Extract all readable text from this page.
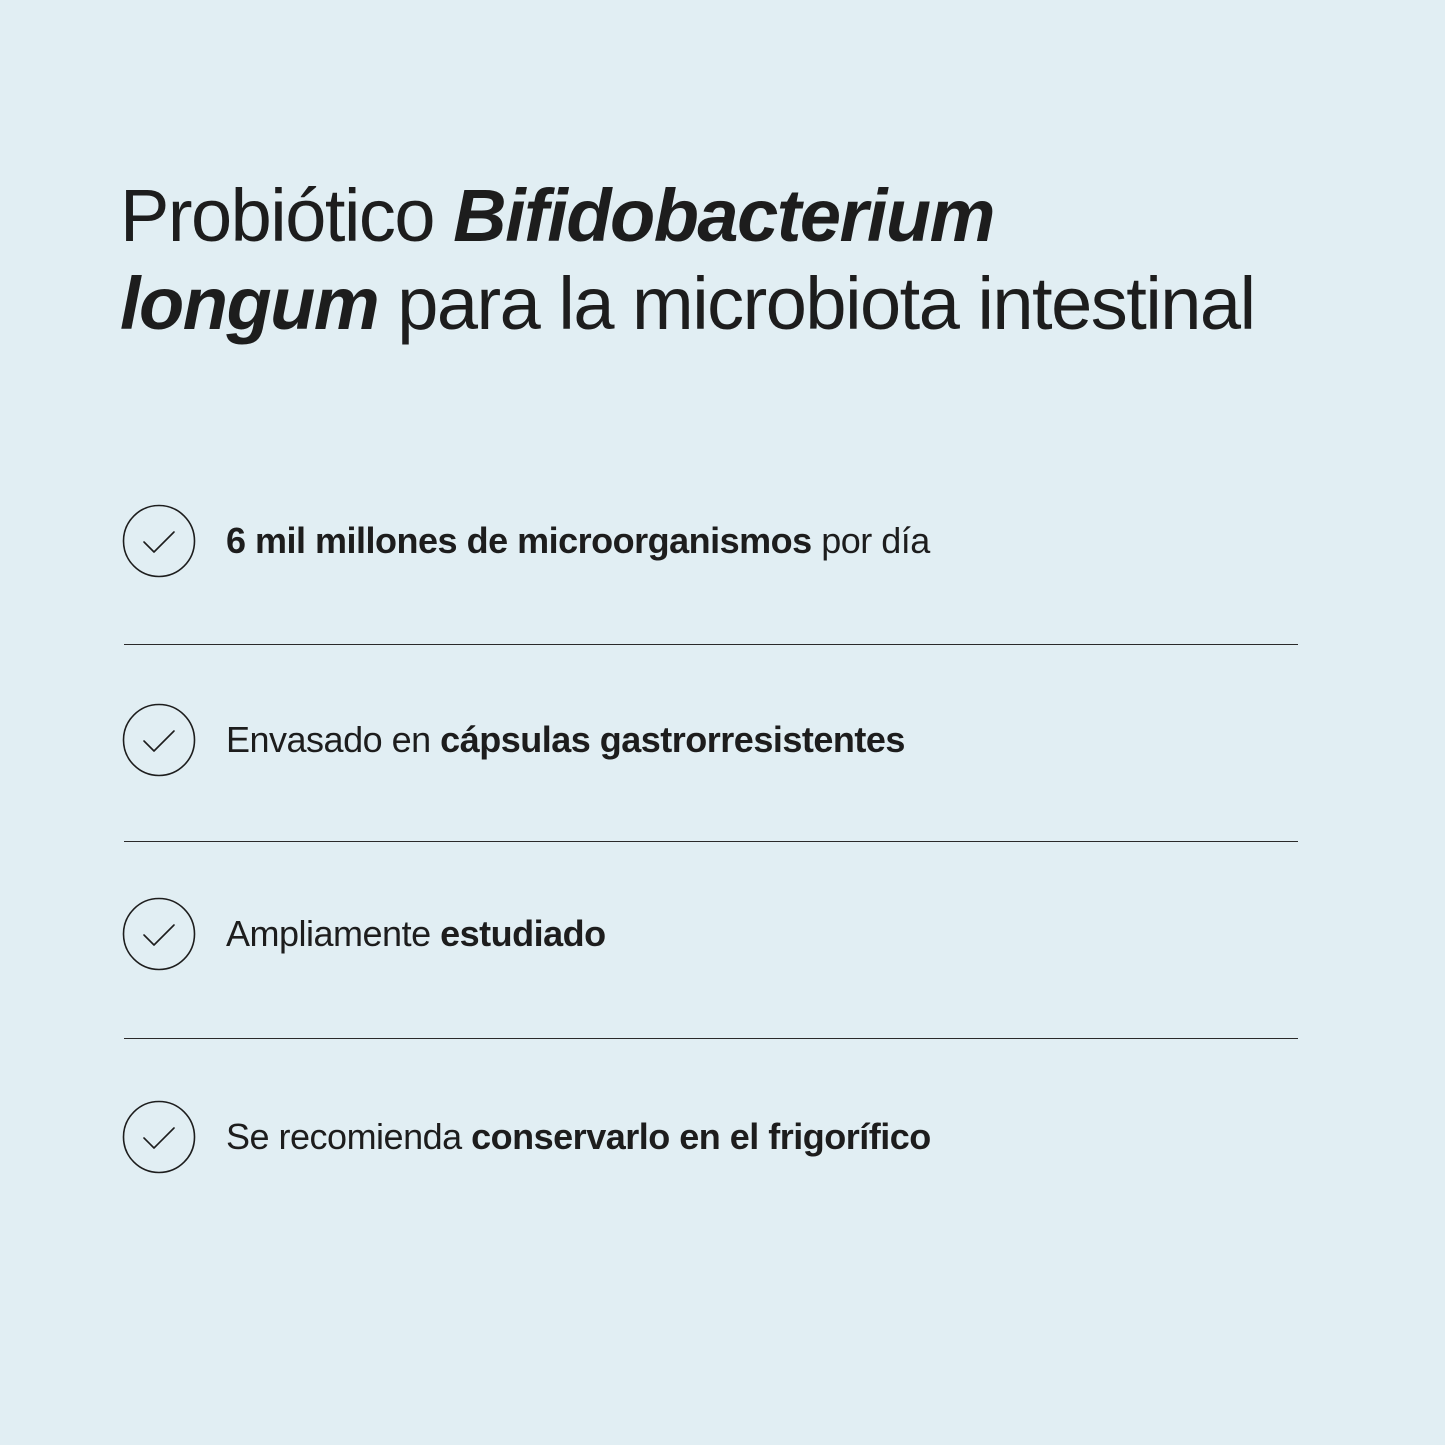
Probiótico Bifidobacterium
longum para la microbiota intestinal
6 mil millones de microorganismos por día
Envasado en cápsulas gastrorresistentes
Ampliamente estudiado
Se recomienda conservarlo en el frigorífico
